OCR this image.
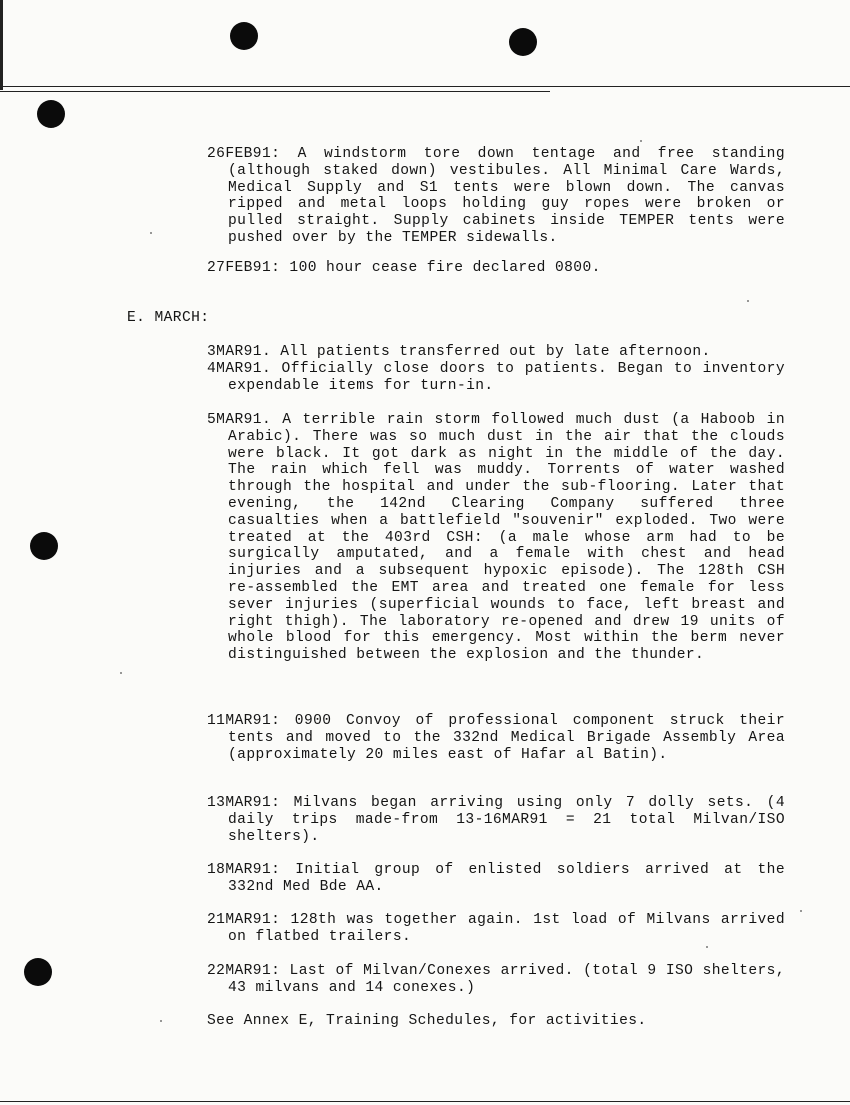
26FEB91: A windstorm tore down tentage and free standing (although staked down) vestibules. All Minimal Care Wards, Medical Supply and S1 tents were blown down. The canvas ripped and metal loops holding guy ropes were broken or pulled straight. Supply cabinets inside TEMPER tents were pushed over by the TEMPER sidewalls.
27FEB91: 100 hour cease fire declared 0800.
E. MARCH:
3MAR91. All patients transferred out by late afternoon.
4MAR91. Officially close doors to patients. Began to inventory expendable items for turn-in.
5MAR91. A terrible rain storm followed much dust (a Haboob in Arabic). There was so much dust in the air that the clouds were black. It got dark as night in the middle of the day. The rain which fell was muddy. Torrents of water washed through the hospital and under the sub-flooring. Later that evening, the 142nd Clearing Company suffered three casualties when a battlefield "souvenir" exploded. Two were treated at the 403rd CSH: (a male whose arm had to be surgically amputated, and a female with chest and head injuries and a subsequent hypoxic episode). The 128th CSH re-assembled the EMT area and treated one female for less sever injuries (superficial wounds to face, left breast and right thigh). The laboratory re-opened and drew 19 units of whole blood for this emergency. Most within the berm never distinguished between the explosion and the thunder.
11MAR91: 0900 Convoy of professional component struck their tents and moved to the 332nd Medical Brigade Assembly Area (approximately 20 miles east of Hafar al Batin).
13MAR91: Milvans began arriving using only 7 dolly sets. (4 daily trips made-from 13-16MAR91 = 21 total Milvan/ISO shelters).
18MAR91: Initial group of enlisted soldiers arrived at the 332nd Med Bde AA.
21MAR91: 128th was together again. 1st load of Milvans arrived on flatbed trailers.
22MAR91: Last of Milvan/Conexes arrived. (total 9 ISO shelters, 43 milvans and 14 conexes.)
See Annex E, Training Schedules, for activities.
